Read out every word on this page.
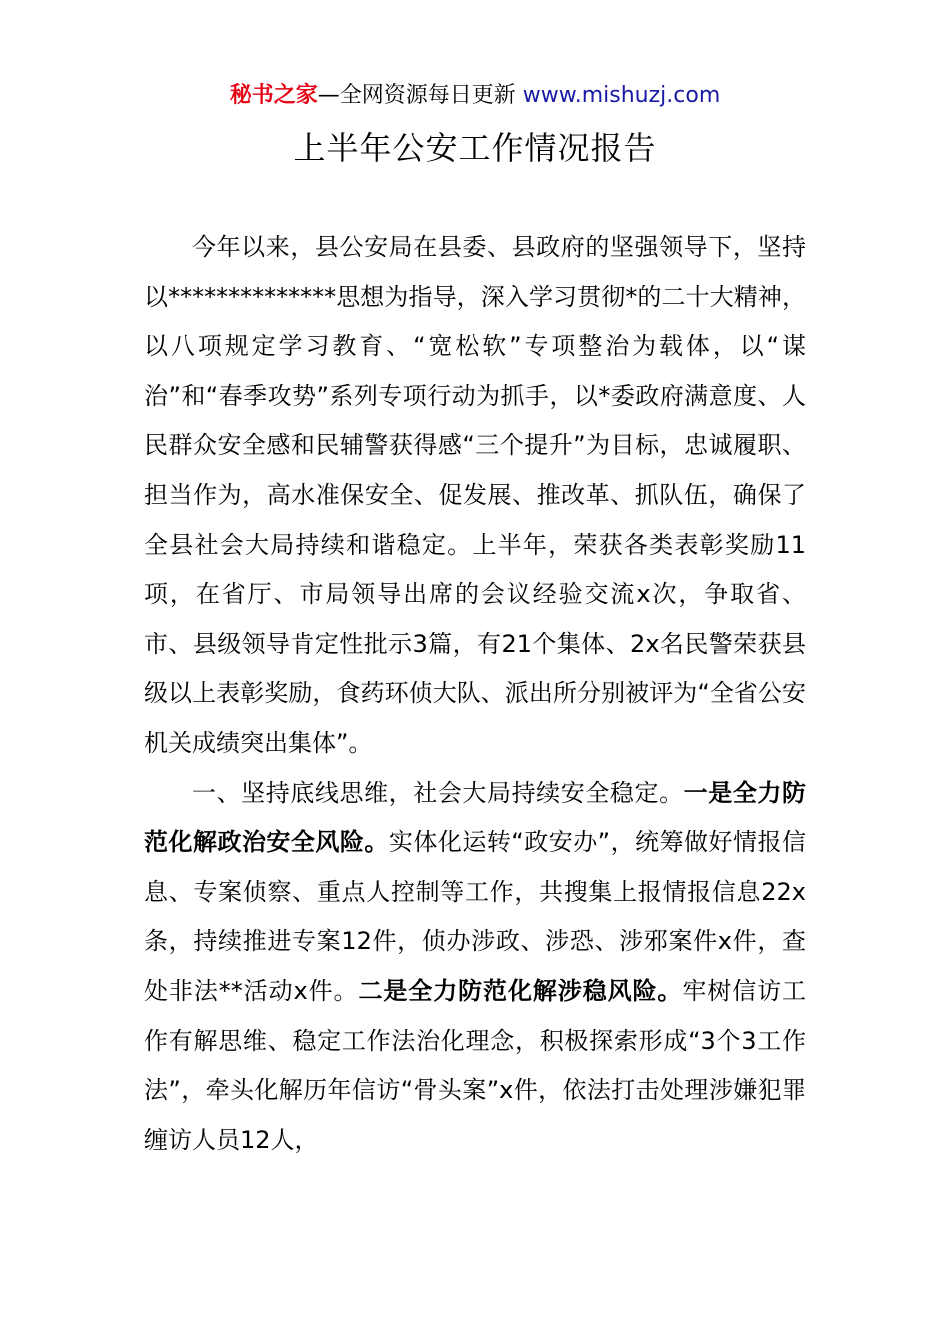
秘书之家—全网资源每日更新 www.mishuzj.com
上半年公安工作情况报告

今年以来，县公安局在县委、县政府的坚强领导下，坚持以**************思想为指导，深入学习贯彻*的二十大精神，以八项规定学习教育、“宽松软”专项整治为载体，以“谋治”和“春季攻势”系列专项行动为抓手，以*委政府满意度、人民群众安全感和民辅警获得感“三个提升”为目标，忠诚履职、担当作为，高水准保安全、促发展、推改革、抓队伍，确保了全县社会大局持续和谐稳定。上半年，荣获各类表彰奖励11项，在省厅、市局领导出席的会议经验交流x次，争取省、市、县级领导肯定性批示3篇，有21个集体、2x名民警荣获县级以上表彰奖励，食药环侦大队、派出所分别被评为“全省公安机关成绩突出集体”。

一、坚持底线思维，社会大局持续安全稳定。一是全力防范化解政治安全风险。实体化运转“政安办”，统筹做好情报信息、专案侦察、重点人控制等工作，共搜集上报情报信息22x条，持续推进专案12件，侦办涉政、涉恐、涉邪案件x件，查处非法**活动x件。二是全力防范化解涉稳风险。牢树信访工作有解思维、稳定工作法治化理念，积极探索形成“3个3工作法”，牵头化解历年信访“骨头案”x件，依法打击处理涉嫌犯罪缠访人员12人，
